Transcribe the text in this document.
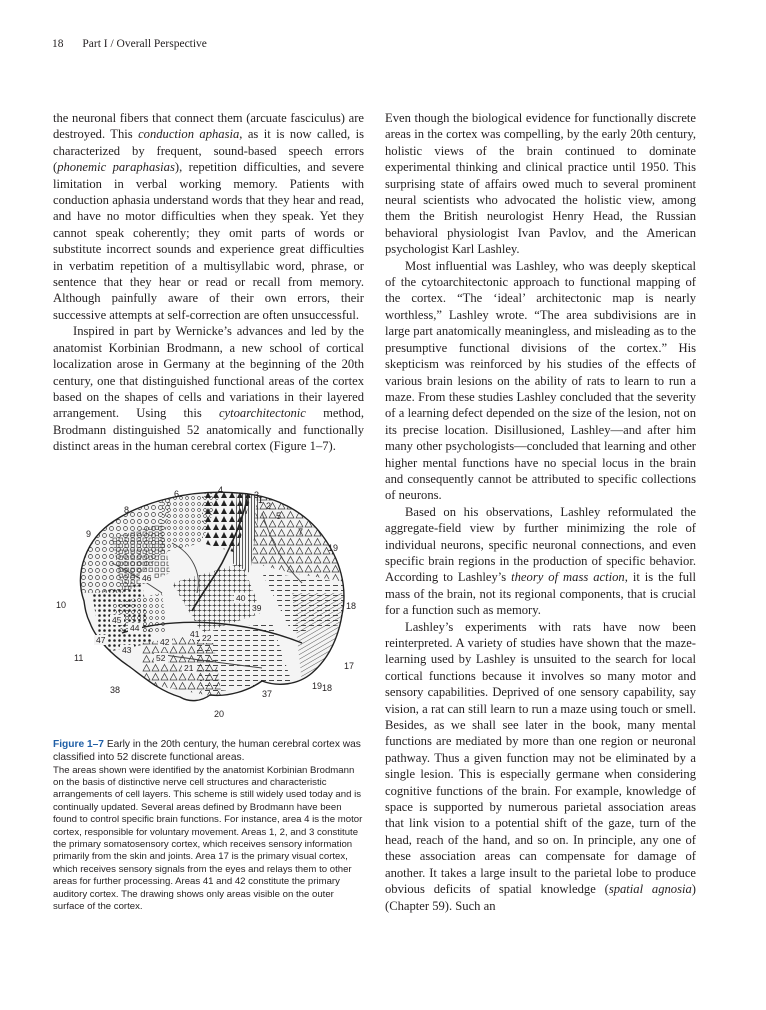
18 Part I / Overall Perspective

the neuronal fibers that connect them (arcuate fasciculus) are destroyed. This conduction aphasia, as it is now called, is characterized by frequent, sound-based speech errors (phonemic paraphasias), repetition difficulties, and severe limitation in verbal working memory. Patients with conduction aphasia understand words that they hear and read, and have no motor difficulties when they speak. Yet they cannot speak coherently; they omit parts of words or substitute incorrect sounds and experience great difficulties in verbatim repetition of a multisyllabic word, phrase, or sentence that they hear or read or recall from memory. Although painfully aware of their own errors, their successive attempts at self-correction are often unsuccessful.

Inspired in part by Wernicke’s advances and led by the anatomist Korbinian Brodmann, a new school of cortical localization arose in Germany at the beginning of the 20th century, one that distinguished functional areas of the cortex based on the shapes of cells and variations in their layered arrangement. Using this cytoarchitectonic method, Brodmann distinguished 52 anatomically and functionally distinct areas in the human cerebral cortex (Figure 1–7).

Even though the biological evidence for functionally discrete areas in the cortex was compelling, by the early 20th century, holistic views of the brain continued to dominate experimental thinking and clinical practice until 1950. This surprising state of affairs owed much to several prominent neural scientists who advocated the holistic view, among them the British neurologist Henry Head, the Russian behavioral physiologist Ivan Pavlov, and the American psychologist Karl Lashley.

Most influential was Lashley, who was deeply skeptical of the cytoarchitectonic approach to functional mapping of the cortex. “The ‘ideal’ architectonic map is nearly worthless,” Lashley wrote. “The area subdivisions are in large part anatomically meaningless, and misleading as to the presumptive functional divisions of the cortex.” His skepticism was reinforced by his studies of the effects of various brain lesions on the ability of rats to learn to run a maze. From these studies Lashley concluded that the severity of a learning defect depended on the size of the lesion, not on its precise location. Disillusioned, Lashley—and after him many other psychologists—concluded that learning and other higher mental functions have no special locus in the brain and consequently cannot be attributed to specific collections of neurons.

Based on his observations, Lashley reformulated the aggregate-field view by further minimizing the role of individual neurons, specific neuronal connections, and even specific brain regions in the production of specific behavior. According to Lashley’s theory of mass action, it is the full mass of the brain, not its regional components, that is crucial for a function such as memory.

Lashley’s experiments with rats have now been reinterpreted. A variety of studies have shown that the maze-learning used by Lashley is unsuited to the search for local cortical functions because it involves so many motor and sensory capabilities. Deprived of one sensory capability, say vision, a rat can still learn to run a maze using touch or smell. Besides, as we shall see later in the book, many mental functions are mediated by more than one region or neuronal pathway. Thus a given function may not be eliminated by a single lesion. This is especially germane when considering cognitive functions of the brain. For example, knowledge of space is supported by numerous parietal association areas that link vision to a potential shift of the gaze, turn of the head, reach of the hand, and so on. In principle, any one of these association areas can compensate for damage of another. It takes a large insult to the parietal lobe to produce obvious deficits of spatial knowledge (spatial agnosia) (Chapter 59). Such an

1
2
3
4
5
6
7
8
9
10
11
17
18
19
19
18
20
37
38
46
45
40
39
41
42	22
21
44
47
43
52
Figure 1–7 Early in the 20th century, the human cerebral cortex was classified into 52 discrete functional areas.
The areas shown were identified by the anatomist Korbinian Brodmann on the basis of distinctive nerve cell structures and characteristic arrangements of cell layers. This scheme is still widely used today and is continually updated. Several areas defined by Brodmann have been found to control specific brain functions. For instance, area 4 is the motor cortex, responsible for voluntary movement. Areas 1, 2, and 3 constitute the primary somatosensory cortex, which receives sensory information primarily from the skin and joints. Area 17 is the primary visual cortex, which receives sensory signals from the eyes and relays them to other areas for further processing. Areas 41 and 42 constitute the primary auditory cortex. The drawing shows only areas visible on the outer surface of the cortex.
